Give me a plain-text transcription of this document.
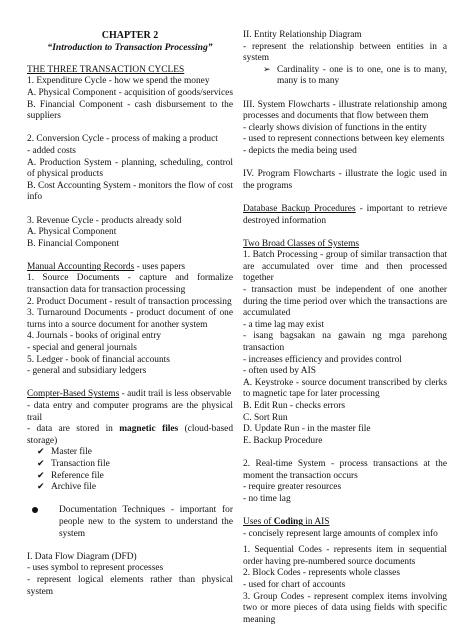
CHAPTER 2
“Introduction to Transaction Processing”
THE THREE TRANSACTION CYCLES
1. Expenditure Cycle - how we spend the money
A. Physical Component - acquisition of goods/services
B. Financial Component - cash disbursement to the suppliers
2. Conversion Cycle - process of making a product
- added costs
A. Production System - planning, scheduling, control of physical products
B. Cost Accounting System - monitors the flow of cost info
3. Revenue Cycle - products already sold
A. Physical Component
B. Financial Component
Manual Accounting Records - uses papers
1. Source Documents - capture and formalize transaction data for transaction processing
2. Product Document - result of transaction processing
3. Turnaround Documents - product document of one turns into a source document for another system
4. Journals - books of original entry
- special and general journals
5. Ledger - book of financial accounts
- general and subsidiary ledgers
Compter-Based Systems - audit trail is less observable
- data entry and computer programs are the physical trail
- data are stored in magnetic files (cloud-based storage)
✔ Master file
✔ Transaction file
✔ Reference file
✔ Archive file
Documentation Techniques - important for people new to the system to understand the system
I. Data Flow Diagram (DFD)
- uses symbol to represent processes
- represent logical elements rather than physical system
II. Entity Relationship Diagram
- represent the relationship between entities in a system
➢ Cardinality - one is to one, one is to many, many is to many
III. System Flowcharts - illustrate relationship among processes and documents that flow between them
- clearly shows division of functions in the entity
- used to represent connections between key elements
- depicts the media being used
IV. Program Flowcharts - illustrate the logic used in the programs
Database Backup Procedures - important to retrieve destroyed information
Two Broad Classes of Systems
1. Batch Processing - group of similar transaction that are accumulated over time and then processed together
- transaction must be independent of one another during the time period over which the transactions are accumulated
- a time lag may exist
- isang bagsakan na gawain ng mga parehong transaction
- increases efficiency and provides control
- often used by AIS
A. Keystroke - source document transcribed by clerks to magnetic tape for later processing
B. Edit Run - checks errors
C. Sort Run
D. Update Run - in the master file
E. Backup Procedure
2. Real-time System - process transactions at the moment the transaction occurs
- require greater resources
- no time lag
Uses of Coding in AIS
- concisely represent large amounts of complex info
1. Sequential Codes - represents item in sequential order having pre-numbered source documents
2. Block Codes - represents whole classes
- used for chart of accounts
3. Group Codes - represent complex items involving two or more pieces of data using fields with specific meaning
